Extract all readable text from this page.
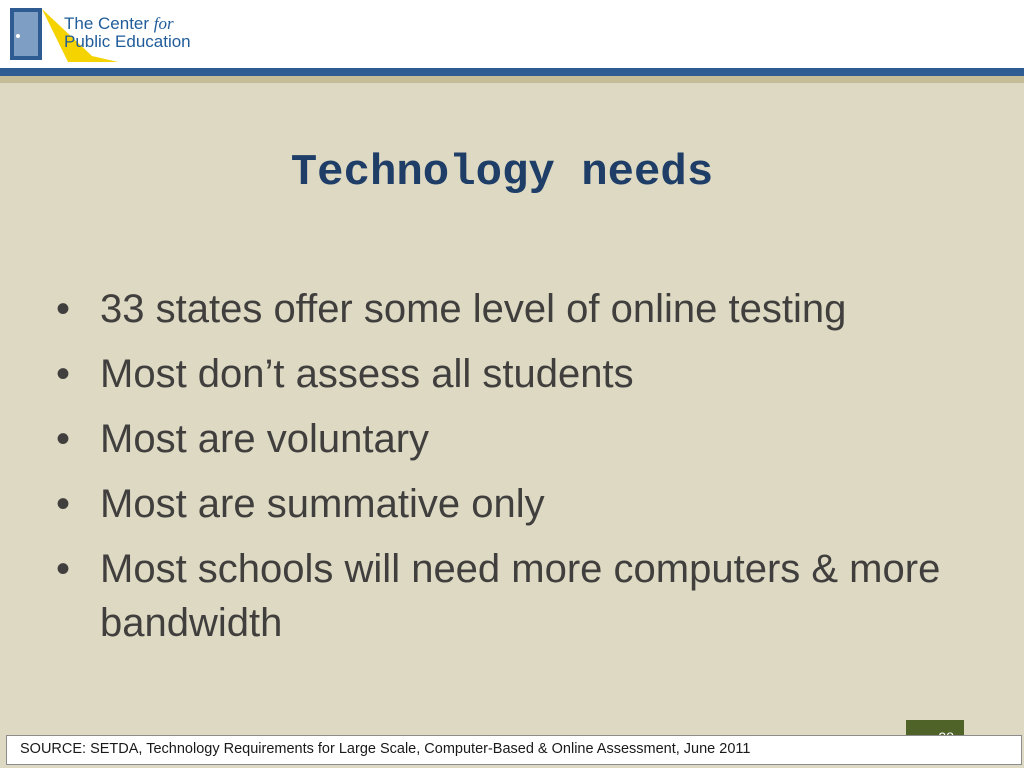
The Center for
Public Education
Technology needs
• 33 states offer some level of online testing
• Most don’t assess all students
• Most are voluntary
• Most are summative only
• Most schools will need more computers & more bandwidth
SOURCE: SETDA, Technology Requirements for Large Scale, Computer-Based & Online Assessment, June 2011
